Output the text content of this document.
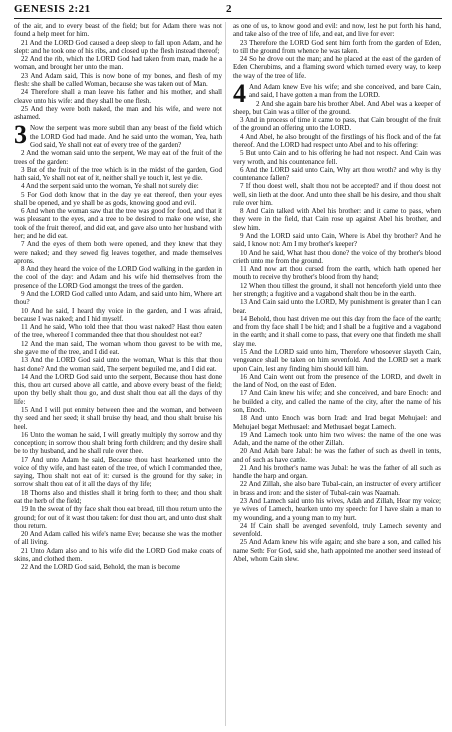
GENESIS 2:21	2

of the air, and to every beast of the field; but for Adam there was not found a help meet for him.

21 And the LORD God caused a deep sleep to fall upon Adam, and he slept: and he took one of his ribs, and closed up the flesh instead thereof;

22 And the rib, which the LORD God had taken from man, made he a woman, and brought her unto the man.

23 And Adam said, This is now bone of my bones, and flesh of my flesh: she shall be called Woman, because she was taken out of Man.

24 Therefore shall a man leave his father and his mother, and shall cleave unto his wife: and they shall be one flesh.

25 And they were both naked, the man and his wife, and were not ashamed.

3 Now the serpent was more subtil than any beast of the field which the LORD God had made. And he said unto the woman, Yea, hath God said, Ye shall not eat of every tree of the garden?

2 And the woman said unto the serpent, We may eat of the fruit of the trees of the garden:

3 But of the fruit of the tree which is in the midst of the garden, God hath said, Ye shall not eat of it, neither shall ye touch it, lest ye die.

4 And the serpent said unto the woman, Ye shall not surely die:

5 For God doth know that in the day ye eat thereof, then your eyes shall be opened, and ye shall be as gods, knowing good and evil.

6 And when the woman saw that the tree was good for food, and that it was pleasant to the eyes, and a tree to be desired to make one wise, she took of the fruit thereof, and did eat, and gave also unto her husband with her; and he did eat.

7 And the eyes of them both were opened, and they knew that they were naked; and they sewed fig leaves together, and made themselves aprons.

8 And they heard the voice of the LORD God walking in the garden in the cool of the day: and Adam and his wife hid themselves from the presence of the LORD God amongst the trees of the garden.

9 And the LORD God called unto Adam, and said unto him, Where art thou?

10 And he said, I heard thy voice in the garden, and I was afraid, because I was naked; and I hid myself.

11 And he said, Who told thee that thou wast naked? Hast thou eaten of the tree, whereof I commanded thee that thou shouldest not eat?

12 And the man said, The woman whom thou gavest to be with me, she gave me of the tree, and I did eat.

13 And the LORD God said unto the woman, What is this that thou hast done? And the woman said, The serpent beguiled me, and I did eat.

14 And the LORD God said unto the serpent, Because thou hast done this, thou art cursed above all cattle, and above every beast of the field; upon thy belly shalt thou go, and dust shalt thou eat all the days of thy life:

15 And I will put enmity between thee and the woman, and between thy seed and her seed; it shall bruise thy head, and thou shalt bruise his heel.

16 Unto the woman he said, I will greatly multiply thy sorrow and thy conception; in sorrow thou shalt bring forth children; and thy desire shall be to thy husband, and he shall rule over thee.

17 And unto Adam he said, Because thou hast hearkened unto the voice of thy wife, and hast eaten of the tree, of which I commanded thee, saying, Thou shalt not eat of it: cursed is the ground for thy sake; in sorrow shalt thou eat of it all the days of thy life;

18 Thorns also and thistles shall it bring forth to thee; and thou shalt eat the herb of the field;

19 In the sweat of thy face shalt thou eat bread, till thou return unto the ground; for out of it wast thou taken: for dust thou art, and unto dust shalt thou return.

20 And Adam called his wife's name Eve; because she was the mother of all living.

21 Unto Adam also and to his wife did the LORD God make coats of skins, and clothed them.

22 And the LORD God said, Behold, the man is become

as one of us, to know good and evil: and now, lest he put forth his hand, and take also of the tree of life, and eat, and live for ever:

23 Therefore the LORD God sent him forth from the garden of Eden, to till the ground from whence he was taken.

24 So he drove out the man; and he placed at the east of the garden of Eden Cherubims, and a flaming sword which turned every way, to keep the way of the tree of life.

4 And Adam knew Eve his wife; and she conceived, and bare Cain, and said, I have gotten a man from the LORD.

2 And she again bare his brother Abel. And Abel was a keeper of sheep, but Cain was a tiller of the ground.

3 And in process of time it came to pass, that Cain brought of the fruit of the ground an offering unto the LORD.

4 And Abel, he also brought of the firstlings of his flock and of the fat thereof. And the LORD had respect unto Abel and to his offering:

5 But unto Cain and to his offering he had not respect. And Cain was very wroth, and his countenance fell.

6 And the LORD said unto Cain, Why art thou wroth? and why is thy countenance fallen?

7 If thou doest well, shalt thou not be accepted? and if thou doest not well, sin lieth at the door. And unto thee shall be his desire, and thou shalt rule over him.

8 And Cain talked with Abel his brother: and it came to pass, when they were in the field, that Cain rose up against Abel his brother, and slew him.

9 And the LORD said unto Cain, Where is Abel thy brother? And he said, I know not: Am I my brother's keeper?

10 And he said, What hast thou done? the voice of thy brother's blood crieth unto me from the ground.

11 And now art thou cursed from the earth, which hath opened her mouth to receive thy brother's blood from thy hand;

12 When thou tillest the ground, it shall not henceforth yield unto thee her strength; a fugitive and a vagabond shalt thou be in the earth.

13 And Cain said unto the LORD, My punishment is greater than I can bear.

14 Behold, thou hast driven me out this day from the face of the earth; and from thy face shall I be hid; and I shall be a fugitive and a vagabond in the earth; and it shall come to pass, that every one that findeth me shall slay me.

15 And the LORD said unto him, Therefore whosoever slayeth Cain, vengeance shall be taken on him sevenfold. And the LORD set a mark upon Cain, lest any finding him should kill him.

16 And Cain went out from the presence of the LORD, and dwelt in the land of Nod, on the east of Eden.

17 And Cain knew his wife; and she conceived, and bare Enoch: and he builded a city, and called the name of the city, after the name of his son, Enoch.

18 And unto Enoch was born Irad: and Irad begat Mehujael: and Mehujael begat Methusael: and Methusael begat Lamech.

19 And Lamech took unto him two wives: the name of the one was Adah, and the name of the other Zillah.

20 And Adah bare Jabal: he was the father of such as dwell in tents, and of such as have cattle.

21 And his brother's name was Jubal: he was the father of all such as handle the harp and organ.

22 And Zillah, she also bare Tubal-cain, an instructer of every artificer in brass and iron: and the sister of Tubal-cain was Naamah.

23 And Lamech said unto his wives, Adah and Zillah, Hear my voice; ye wives of Lamech, hearken unto my speech: for I have slain a man to my wounding, and a young man to my hurt.

24 If Cain shall be avenged sevenfold, truly Lamech seventy and sevenfold.

25 And Adam knew his wife again; and she bare a son, and called his name Seth: For God, said she, hath appointed me another seed instead of Abel, whom Cain slew.
